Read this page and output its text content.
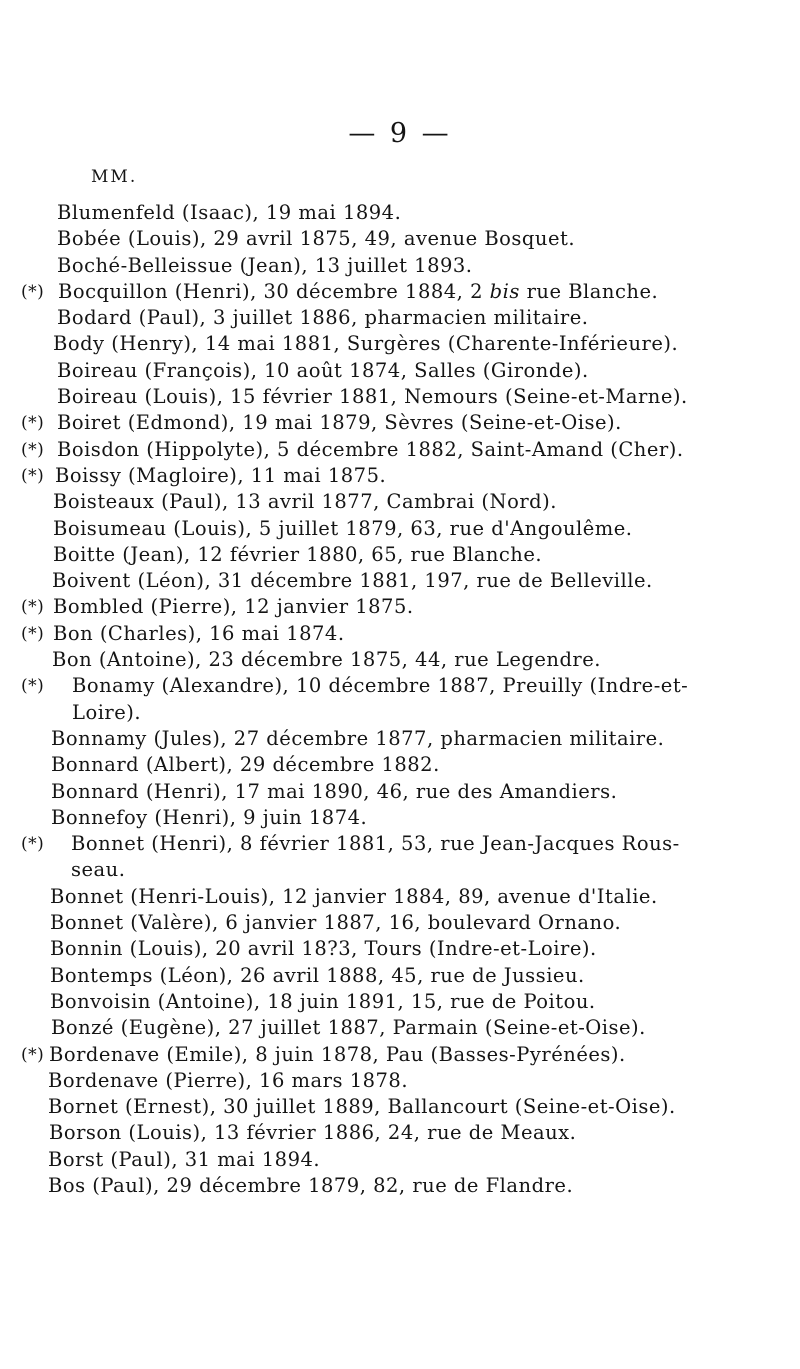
— 9 —
MM.
Blumenfeld (Isaac), 19 mai 1894.
Bobée (Louis), 29 avril 1875, 49, avenue Bosquet.
Boché-Belleissue (Jean), 13 juillet 1893.
(*) Bocquillon (Henri), 30 décembre 1884, 2 bis rue Blanche.
Bodard (Paul), 3 juillet 1886, pharmacien militaire.
Body (Henry), 14 mai 1881, Surgères (Charente-Inférieure).
Boireau (François), 10 août 1874, Salles (Gironde).
Boireau (Louis), 15 février 1881, Nemours (Seine-et-Marne).
(*) Boiret (Edmond), 19 mai 1879, Sèvres (Seine-et-Oise).
(*) Boisdon (Hippolyte), 5 décembre 1882, Saint-Amand (Cher).
(*) Boissy (Magloire), 11 mai 1875.
Boisteaux (Paul), 13 avril 1877, Cambrai (Nord).
Boisumeau (Louis), 5 juillet 1879, 63, rue d'Angoulême.
Boitte (Jean), 12 février 1880, 65, rue Blanche.
Boivent (Léon), 31 décembre 1881, 197, rue de Belleville.
(*) Bombled (Pierre), 12 janvier 1875.
(*) Bon (Charles), 16 mai 1874.
Bon (Antoine), 23 décembre 1875, 44, rue Legendre.
(*)	Bonamy (Alexandre), 10 décembre 1887, Preuilly (Indre-et-
Loire).
Bonnamy (Jules), 27 décembre 1877, pharmacien militaire.
Bonnard (Albert), 29 décembre 1882.
Bonnard (Henri), 17 mai 1890, 46, rue des Amandiers.
Bonnefoy (Henri), 9 juin 1874.
(*)	Bonnet (Henri), 8 février 1881, 53, rue Jean-Jacques Rous-
seau.
Bonnet (Henri-Louis), 12 janvier 1884, 89, avenue d'Italie.
Bonnet (Valère), 6 janvier 1887, 16, boulevard Ornano.
Bonnin (Louis), 20 avril 18?3, Tours (Indre-et-Loire).
Bontemps (Léon), 26 avril 1888, 45, rue de Jussieu.
Bonvoisin (Antoine), 18 juin 1891, 15, rue de Poitou.
Bonzé (Eugène), 27 juillet 1887, Parmain (Seine-et-Oise).
(*) Bordenave (Emile), 8 juin 1878, Pau (Basses-Pyrénées).
Bordenave (Pierre), 16 mars 1878.
Bornet (Ernest), 30 juillet 1889, Ballancourt (Seine-et-Oise).
Borson (Louis), 13 février 1886, 24, rue de Meaux.
Borst (Paul), 31 mai 1894.
Bos (Paul), 29 décembre 1879, 82, rue de Flandre.
